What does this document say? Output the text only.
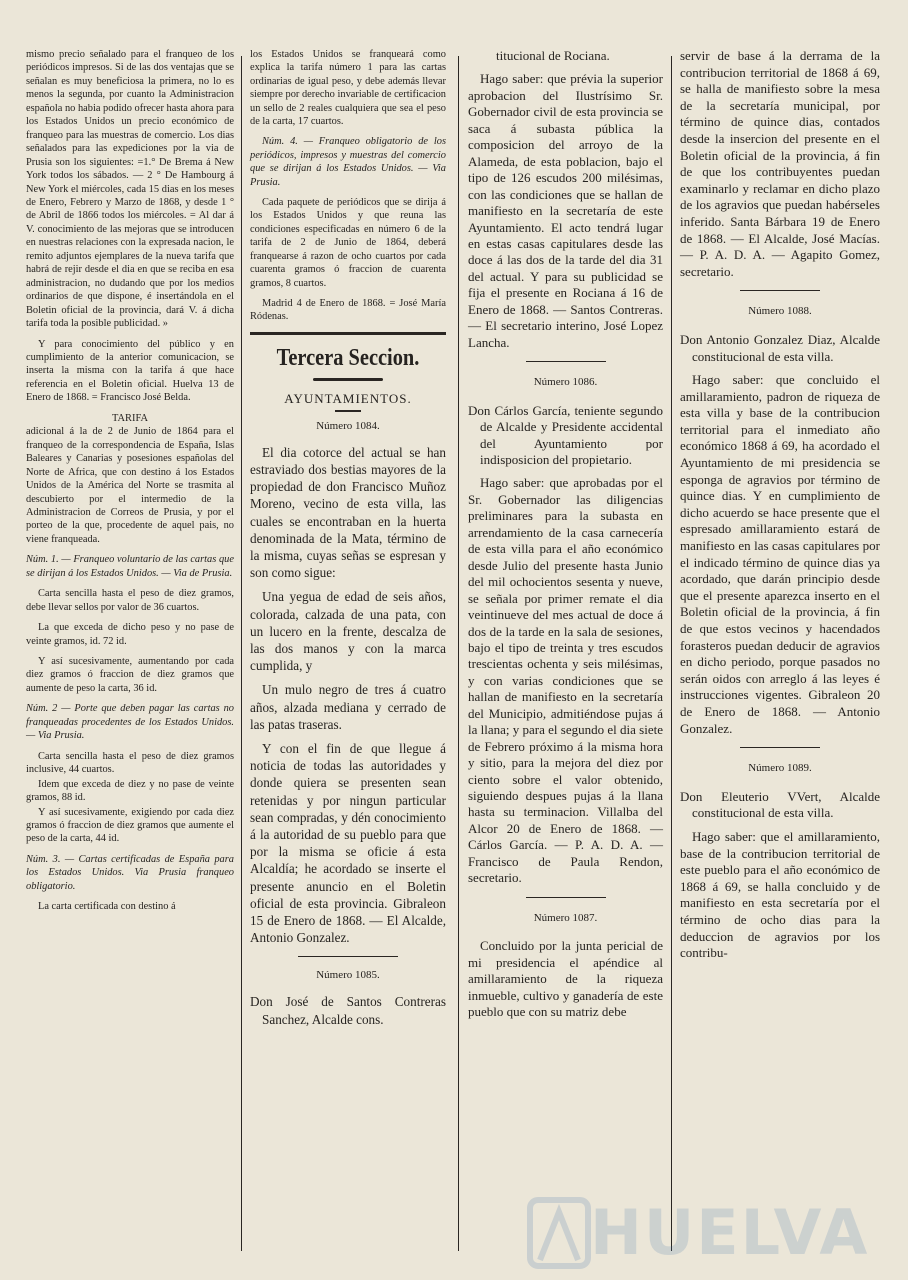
mismo precio señalado para el franqueo de los periódicos impresos. Si de las dos ventajas que se señalan es muy beneficiosa la primera, no lo es menos la segunda, por cuanto la Administracion española no habia podido ofrecer hasta ahora para los Estados Unidos un precio económico de franqueo para las muestras de comercio. Los dias señalados para las expediciones por la via de Prusia son los siguientes: =1.° De Brema á New York todos los sábados. — 2 ° De Hambourg á New York el miércoles, cada 15 dias en los meses de Enero, Febrero y Marzo de 1868, y desde 1 ° de Abril de 1866 todos los miércoles. = Al dar á V. conocimiento de las mejoras que se introducen en nuestras relaciones con la expresada nacion, le remito adjuntos ejemplares de la nueva tarifa que habrá de rejir desde el dia en que se reciba en esa administracion, no dudando que por los medios ordinarios de que dispone, é insertándola en el Boletin oficial de la provincia, dará V. á dicha tarifa toda la posible publicidad. »

Y para conocimiento del público y en cumplimiento de la anterior comunicacion, se inserta la misma con la tarifa á que hace referencia en el Boletin oficial. Huelva 13 de Enero de 1868. = Francisco José Belda.

TARIFA

adicional á la de 2 de Junio de 1864 para el franqueo de la correspondencia de España, Islas Baleares y Canarias y posesiones españolas del Norte de Africa, que con destino á los Estados Unidos de la América del Norte se trasmita al descubierto por el intermedio de la Administracion de Correos de Prusia, y por el porteo de la que, procedente de aquel pais, no viene franqueada.

Núm. 1. — Franqueo voluntario de las cartas que se dirijan á los Estados Unidos. — Via de Prusia.

Carta sencilla hasta el peso de diez gramos, debe llevar sellos por valor de 36 cuartos.

La que exceda de dicho peso y no pase de veinte gramos, id. 72 id.

Y así sucesivamente, aumentando por cada diez gramos ó fraccion de diez gramos que aumente de peso la carta, 36 id.

Núm. 2 — Porte que deben pagar las cartas no franqueadas procedentes de los Estados Unidos. — Via Prusia.

Carta sencilla hasta el peso de diez gramos inclusive, 44 cuartos.

Idem que exceda de diez y no pase de veinte gramos, 88 id.

Y así sucesivamente, exigiendo por cada diez gramos ó fraccion de diez gramos que aumente el peso de la carta, 44 id.

Núm. 3. — Cartas certificadas de España para los Estados Unidos. Via Prusia franqueo obligatorio.

La carta certificada con destino á

los Estados Unidos se franqueará como explica la tarifa número 1 para las cartas ordinarias de igual peso, y debe además llevar siempre por derecho invariable de certificacion un sello de 2 reales cualquiera que sea el peso de la carta, 17 cuartos.

Núm. 4. — Franqueo obligatorio de los periódicos, impresos y muestras del comercio que se dirijan á los Estados Unidos. — Via Prusia.

Cada paquete de periódicos que se dirija á los Estados Unidos y que reuna las condiciones especificadas en número 6 de la tarifa de 2 de Junio de 1864, deberá franquearse á razon de ocho cuartos por cada cuarenta gramos ó fraccion de cuarenta gramos, 8 cuartos.

Madrid 4 de Enero de 1868. = José María Ródenas.

Tercera Seccion.
AYUNTAMIENTOS.
Número 1084.

El dia cotorce del actual se han estraviado dos bestias mayores de la propiedad de don Francisco Muñoz Moreno, vecino de esta villa, las cuales se encontraban en la huerta denominada de la Mata, término de la misma, cuyas señas se espresan y son como sigue:

Una yegua de edad de seis años, colorada, calzada de una pata, con un lucero en la frente, descalza de las dos manos y con la marca cumplida, y

Un mulo negro de tres á cuatro años, alzada mediana y cerrado de las patas traseras.

Y con el fin de que llegue á noticia de todas las autoridades y donde quiera se presenten sean retenidas y por ningun particular sean compradas, y dén conocimiento á la autoridad de su pueblo para que por la misma se oficie á esta Alcaldía; he acordado se inserte el presente anuncio en el Boletin oficial de esta provincia. Gibraleon 15 de Enero de 1868. — El Alcalde, Antonio Gonzalez.

Número 1085.

Don José de Santos Contreras Sanchez, Alcalde cons.

titucional de Rociana.

Hago saber: que prévia la superior aprobacion del Ilustrísimo Sr. Gobernador civil de esta provincia se saca á subasta pública la composicion del arroyo de la Alameda, de esta poblacion, bajo el tipo de 126 escudos 200 milésimas, con las condiciones que se hallan de manifiesto en la secretaría de este Ayuntamiento. El acto tendrá lugar en estas casas capitulares desde las doce á las dos de la tarde del dia 31 del actual. Y para su publicidad se fija el presente en Rociana á 16 de Enero de 1868. — Santos Contreras. — El secretario interino, José Lopez Lancha.

Número 1086.

Don Cárlos García, teniente segundo de Alcalde y Presidente accidental del Ayuntamiento por indisposicion del propietario.

Hago saber: que aprobadas por el Sr. Gobernador las diligencias preliminares para la subasta en arrendamiento de la casa carnecería de esta villa para el año económico desde Julio del presente hasta Junio del mil ochocientos sesenta y nueve, se señala por primer remate el dia veintinueve del mes actual de doce á dos de la tarde en la sala de sesiones, bajo el tipo de treinta y tres escudos trescientas ochenta y seis milésimas, y con varias condiciones que se hallan de manifiesto en la secretaría del Municipio, admitiéndose pujas á la llana; y para el segundo el dia siete de Febrero próximo á la misma hora y sitio, para la mejora del diez por ciento sobre el valor obtenido, siguiendo despues pujas á la llana hasta su terminacion. Villalba del Alcor 20 de Enero de 1868. — Cárlos García. — P. A. D. A. — Francisco de Paula Rendon, secretario.

Número 1087.

Concluido por la junta pericial de mi presidencia el apéndice al amillaramiento de la riqueza inmueble, cultivo y ganadería de este pueblo que con su matriz debe

servir de base á la derrama de la contribucion territorial de 1868 á 69, se halla de manifiesto sobre la mesa de la secretaría municipal, por término de quince dias, contados desde la insercion del presente en el Boletin oficial de la provincia, á fin de que los contribuyentes puedan examinarlo y reclamar en dicho plazo de los agravios que puedan habérseles inferido. Santa Bárbara 19 de Enero de 1868. — El Alcalde, José Macías. — P. A. D. A. — Agapito Gomez, secretario.

Número 1088.

Don Antonio Gonzalez Diaz, Alcalde constitucional de esta villa.

Hago saber: que concluido el amillaramiento, padron de riqueza de esta villa y base de la contribucion territorial para el inmediato año económico 1868 á 69, ha acordado el Ayuntamiento de mi presidencia se esponga de agravios por término de quince dias. Y en cumplimiento de dicho acuerdo se hace presente que el espresado amillaramiento estará de manifiesto en las casas capitulares por el indicado término de quince dias ya acordado, que darán principio desde que el presente aparezca inserto en el Boletin oficial de la provincia, á fin de que estos vecinos y hacendados forasteros puedan deducir de agravios en dicho periodo, porque pasados no serán oidos con arreglo á las leyes é instrucciones vigentes. Gibraleon 20 de Enero de 1868. — Antonio Gonzalez.

Número 1089.

Don Eleuterio VVert, Alcalde constitucional de esta villa.

Hago saber: que el amillaramiento, base de la contribucion territorial de este pueblo para el año económico de 1868 á 69, se halla concluido y de manifiesto en esta secretaría por el término de ocho dias para la deduccion de agravios por los contribu-

HUELVA
